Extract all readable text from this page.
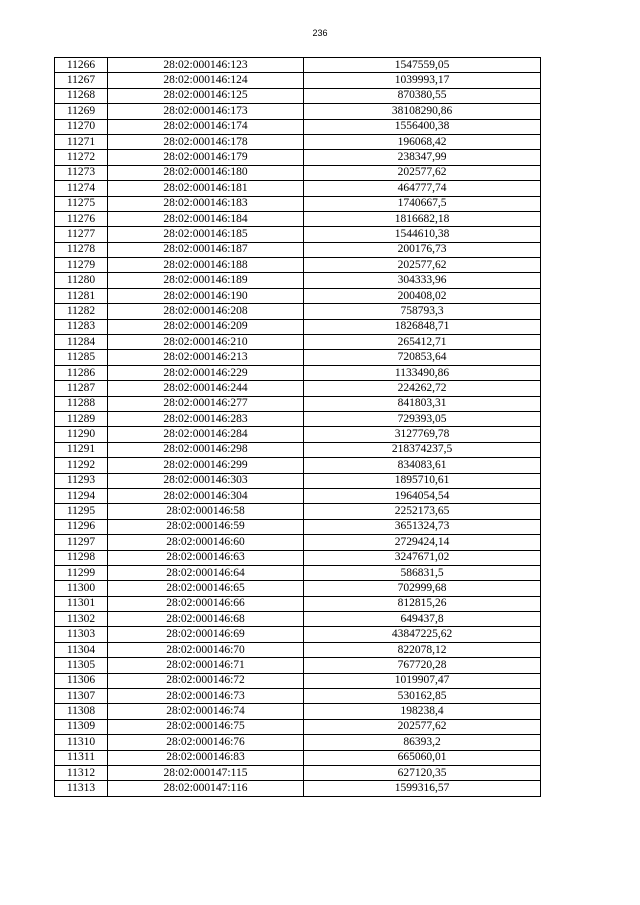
236
11266	28:02:000146:123	1547559,05
11267	28:02:000146:124	1039993,17
11268	28:02:000146:125	870380,55
11269	28:02:000146:173	38108290,86
11270	28:02:000146:174	1556400,38
11271	28:02:000146:178	196068,42
11272	28:02:000146:179	238347,99
11273	28:02:000146:180	202577,62
11274	28:02:000146:181	464777,74
11275	28:02:000146:183	1740667,5
11276	28:02:000146:184	1816682,18
11277	28:02:000146:185	1544610,38
11278	28:02:000146:187	200176,73
11279	28:02:000146:188	202577,62
11280	28:02:000146:189	304333,96
11281	28:02:000146:190	200408,02
11282	28:02:000146:208	758793,3
11283	28:02:000146:209	1826848,71
11284	28:02:000146:210	265412,71
11285	28:02:000146:213	720853,64
11286	28:02:000146:229	1133490,86
11287	28:02:000146:244	224262,72
11288	28:02:000146:277	841803,31
11289	28:02:000146:283	729393,05
11290	28:02:000146:284	3127769,78
11291	28:02:000146:298	218374237,5
11292	28:02:000146:299	834083,61
11293	28:02:000146:303	1895710,61
11294	28:02:000146:304	1964054,54
11295	28:02:000146:58	2252173,65
11296	28:02:000146:59	3651324,73
11297	28:02:000146:60	2729424,14
11298	28:02:000146:63	3247671,02
11299	28:02:000146:64	586831,5
11300	28:02:000146:65	702999,68
11301	28:02:000146:66	812815,26
11302	28:02:000146:68	649437,8
11303	28:02:000146:69	43847225,62
11304	28:02:000146:70	822078,12
11305	28:02:000146:71	767720,28
11306	28:02:000146:72	1019907,47
11307	28:02:000146:73	530162,85
11308	28:02:000146:74	198238,4
11309	28:02:000146:75	202577,62
11310	28:02:000146:76	86393,2
11311	28:02:000146:83	665060,01
11312	28:02:000147:115	627120,35
11313	28:02:000147:116	1599316,57
